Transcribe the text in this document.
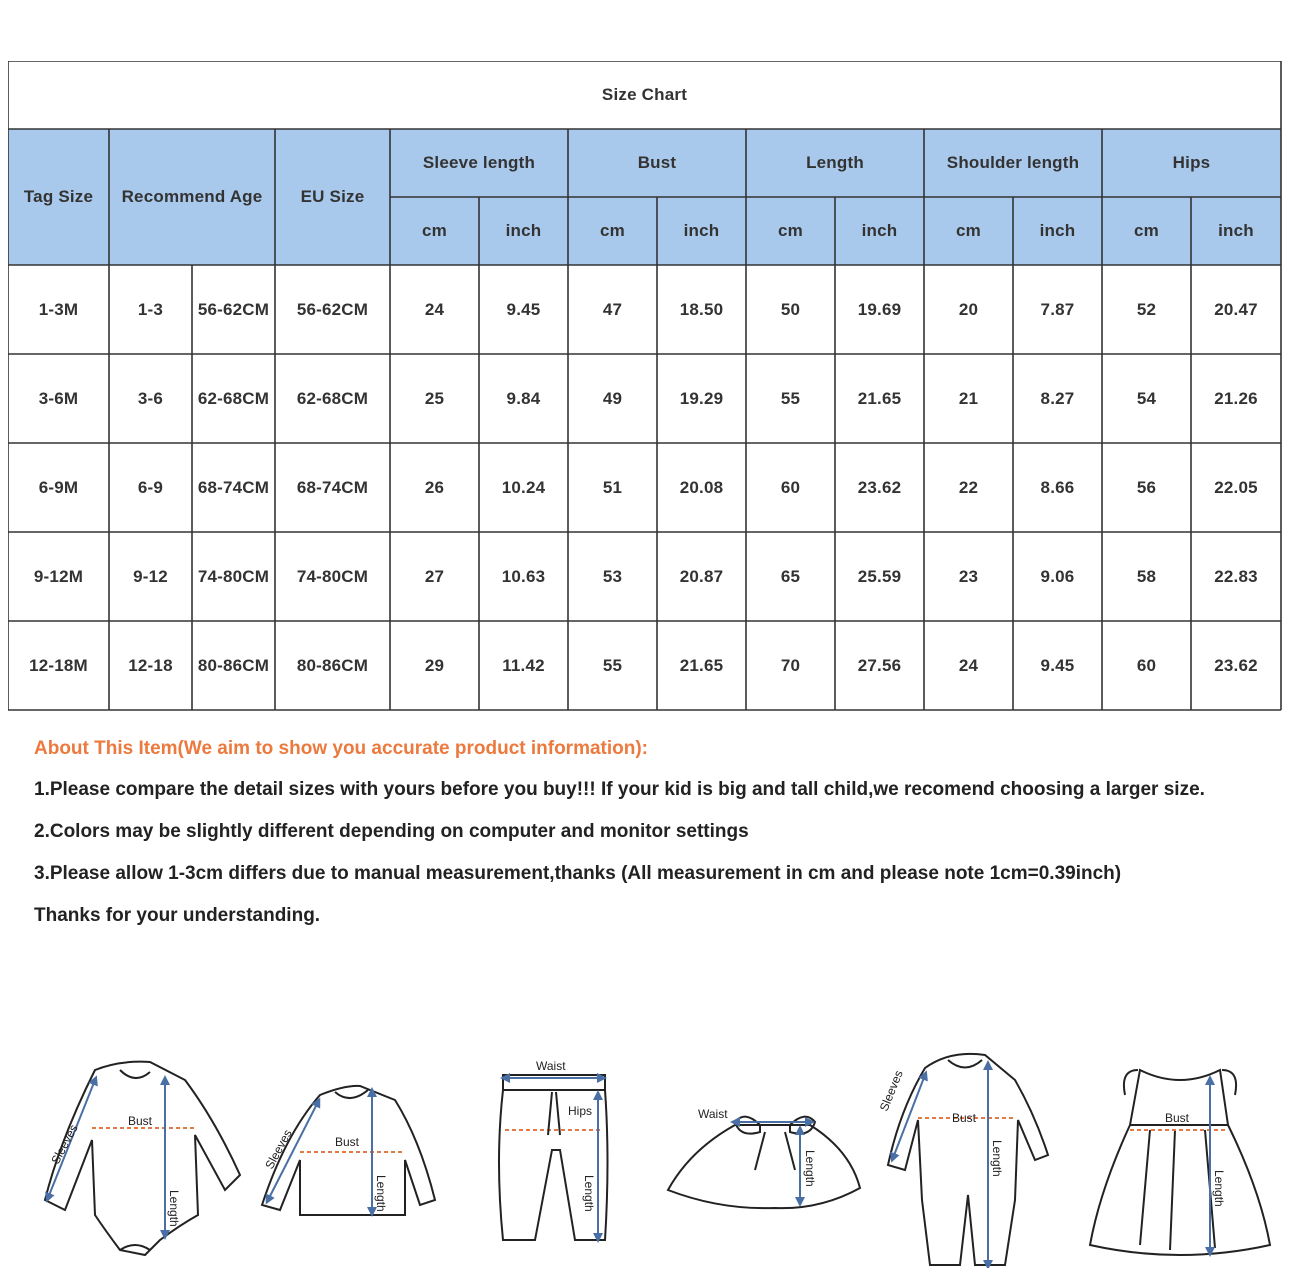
Size Chart
Tag Size	Recommend Age	EU Size
Sleeve length
cm	inch
Bust
cm	inch
Length
cm	inch
Shoulder length
cm	inch
Hips
cm	inch
1-3M	1-3	56-62CM	56-62CM	24	9.45	47	18.50	50	19.69	20	7.87	52	20.47
3-6M	3-6	62-68CM	62-68CM	25	9.84	49	19.29	55	21.65	21	8.27	54	21.26
6-9M	6-9	68-74CM	68-74CM	26	10.24	51	20.08	60	23.62	22	8.66	56	22.05
9-12M	9-12	74-80CM	74-80CM	27	10.63	53	20.87	65	25.59	23	9.06	58	22.83
12-18M	12-18	80-86CM	80-86CM	29	11.42	55	21.65	70	27.56	24	9.45	60	23.62

About This Item(We aim to show you accurate product information):

1.Please compare the detail sizes with yours before you buy!!! If your kid is big and tall child,we recomend choosing a larger size.

2.Colors may be slightly different depending on computer and monitor settings

3.Please allow 1-3cm differs due to manual measurement,thanks (All measurement in cm and please note 1cm=0.39inch)

Thanks for your understanding.

Bust
Length
Sleeves	Bust
Length
Sleeves
Waist
Hips
Length
Waist
Length
Bust
Length
Sleeves
Bust
Length
